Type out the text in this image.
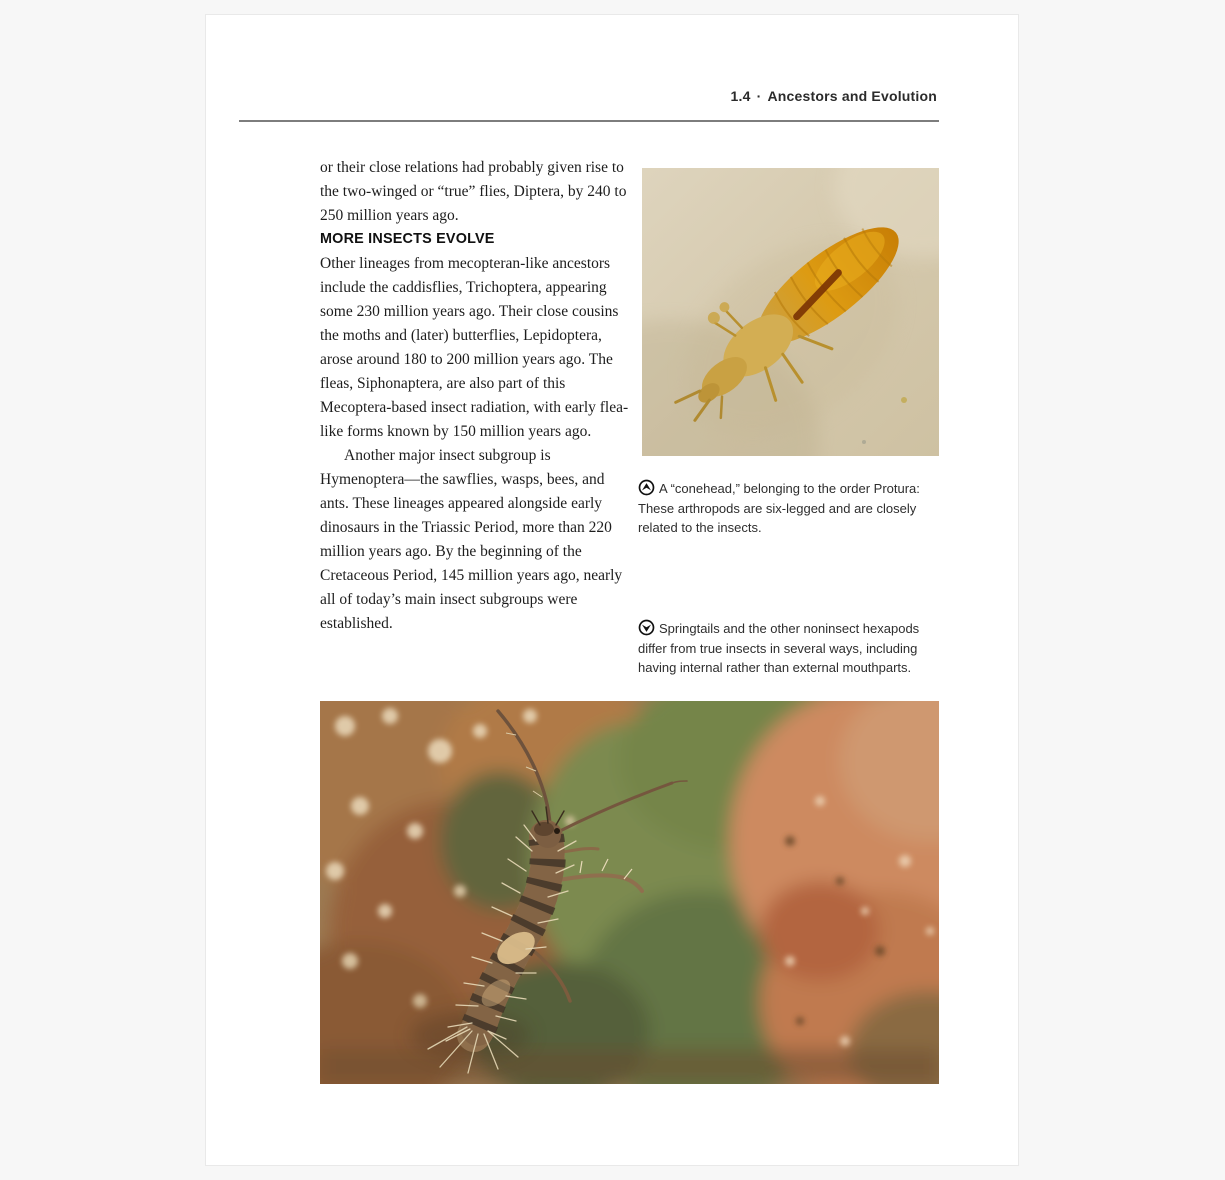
1.4 · Ancestors and Evolution

or their close relations had probably given rise to the two-winged or “true” flies, Diptera, by 240 to 250 million years ago.

MORE INSECTS EVOLVE

Other lineages from mecopteran-like ancestors include the caddisflies, Trichoptera, appearing some 230 million years ago. Their close cousins the moths and (later) butterflies, Lepidoptera, arose around 180 to 200 million years ago. The fleas, Siphonaptera, are also part of this Mecoptera-based insect radiation, with early flea-like forms known by 150 million years ago.

Another major insect subgroup is Hymenoptera—the sawflies, wasps, bees, and ants. These lineages appeared alongside early dinosaurs in the Triassic Period, more than 220 million years ago. By the beginning of the Cretaceous Period, 145 million years ago, nearly all of today’s main insect subgroups were established.

A “conehead,” belonging to the order Protura: These arthropods are six-legged and are closely related to the insects.
Springtails and the other noninsect hexapods differ from true insects in several ways, including having internal rather than external mouthparts.
